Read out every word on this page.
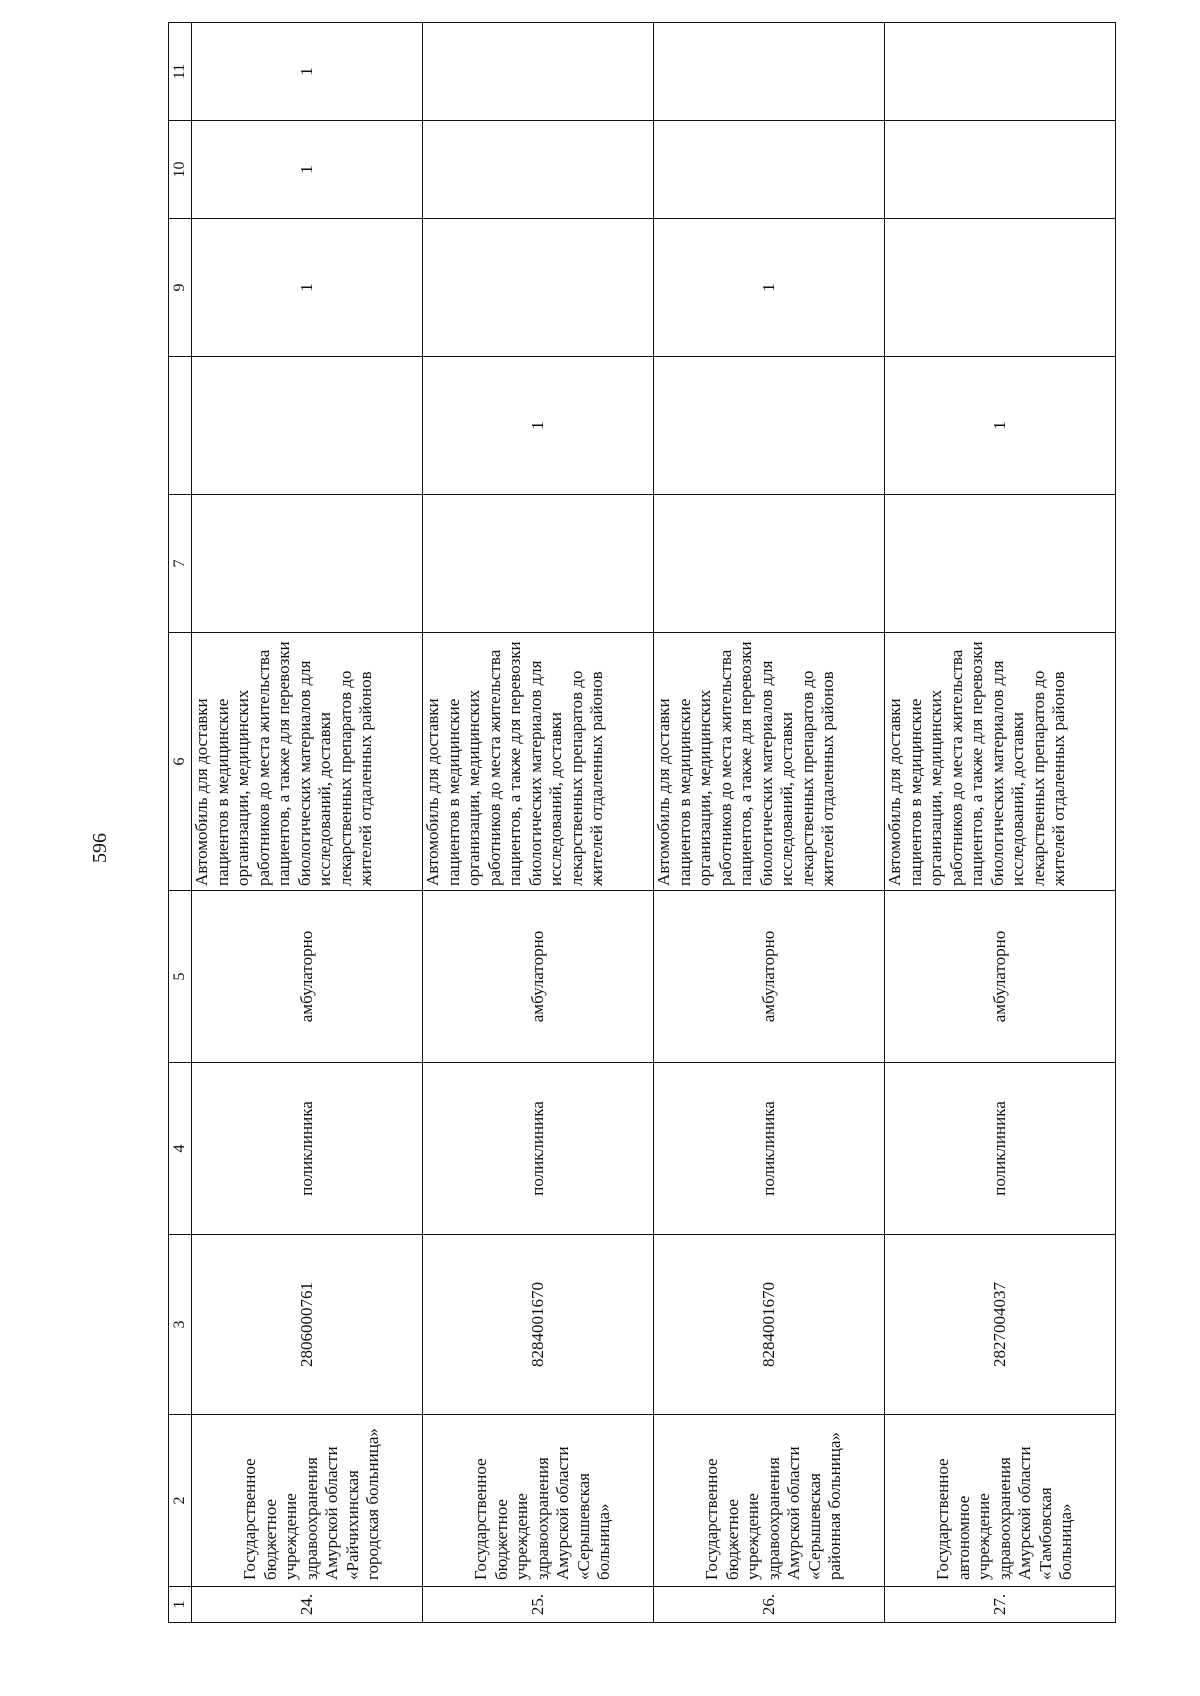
596
1	2	3	4	5	6	7		9	10	11
24.	Государственное бюджетное учреждение здравоохранения Амурской области «Райчихинская городская больница»	2806000761	поликлиника	амбулаторно	Автомобиль для доставки пациентов в медицинские организации, медицинских работников до места жительства пациентов, а также для перевозки биологических материалов для исследований, доставки лекарственных препаратов до жителей отдаленных районов			1	1	1
25.	Государственное бюджетное учреждение здравоохранения Амурской области «Серышевская больница»	8284001670	поликлиника	амбулаторно	Автомобиль для доставки пациентов в медицинские организации, медицинских работников до места жительства пациентов, а также для перевозки биологических материалов для исследований, доставки лекарственных препаратов до жителей отдаленных районов		1			
26.	Государственное бюджетное учреждение здравоохранения Амурской области «Серышевская районная больница»	8284001670	поликлиника	амбулаторно	Автомобиль для доставки пациентов в медицинские организации, медицинских работников до места жительства пациентов, а также для перевозки биологических материалов для исследований, доставки лекарственных препаратов до жителей отдаленных районов			1		
27.	Государственное автономное учреждение здравоохранения Амурской области «Тамбовская больница»	2827004037	поликлиника	амбулаторно	Автомобиль для доставки пациентов в медицинские организации, медицинских работников до места жительства пациентов, а также для перевозки биологических материалов для исследований, доставки лекарственных препаратов до жителей отдаленных районов		1			
